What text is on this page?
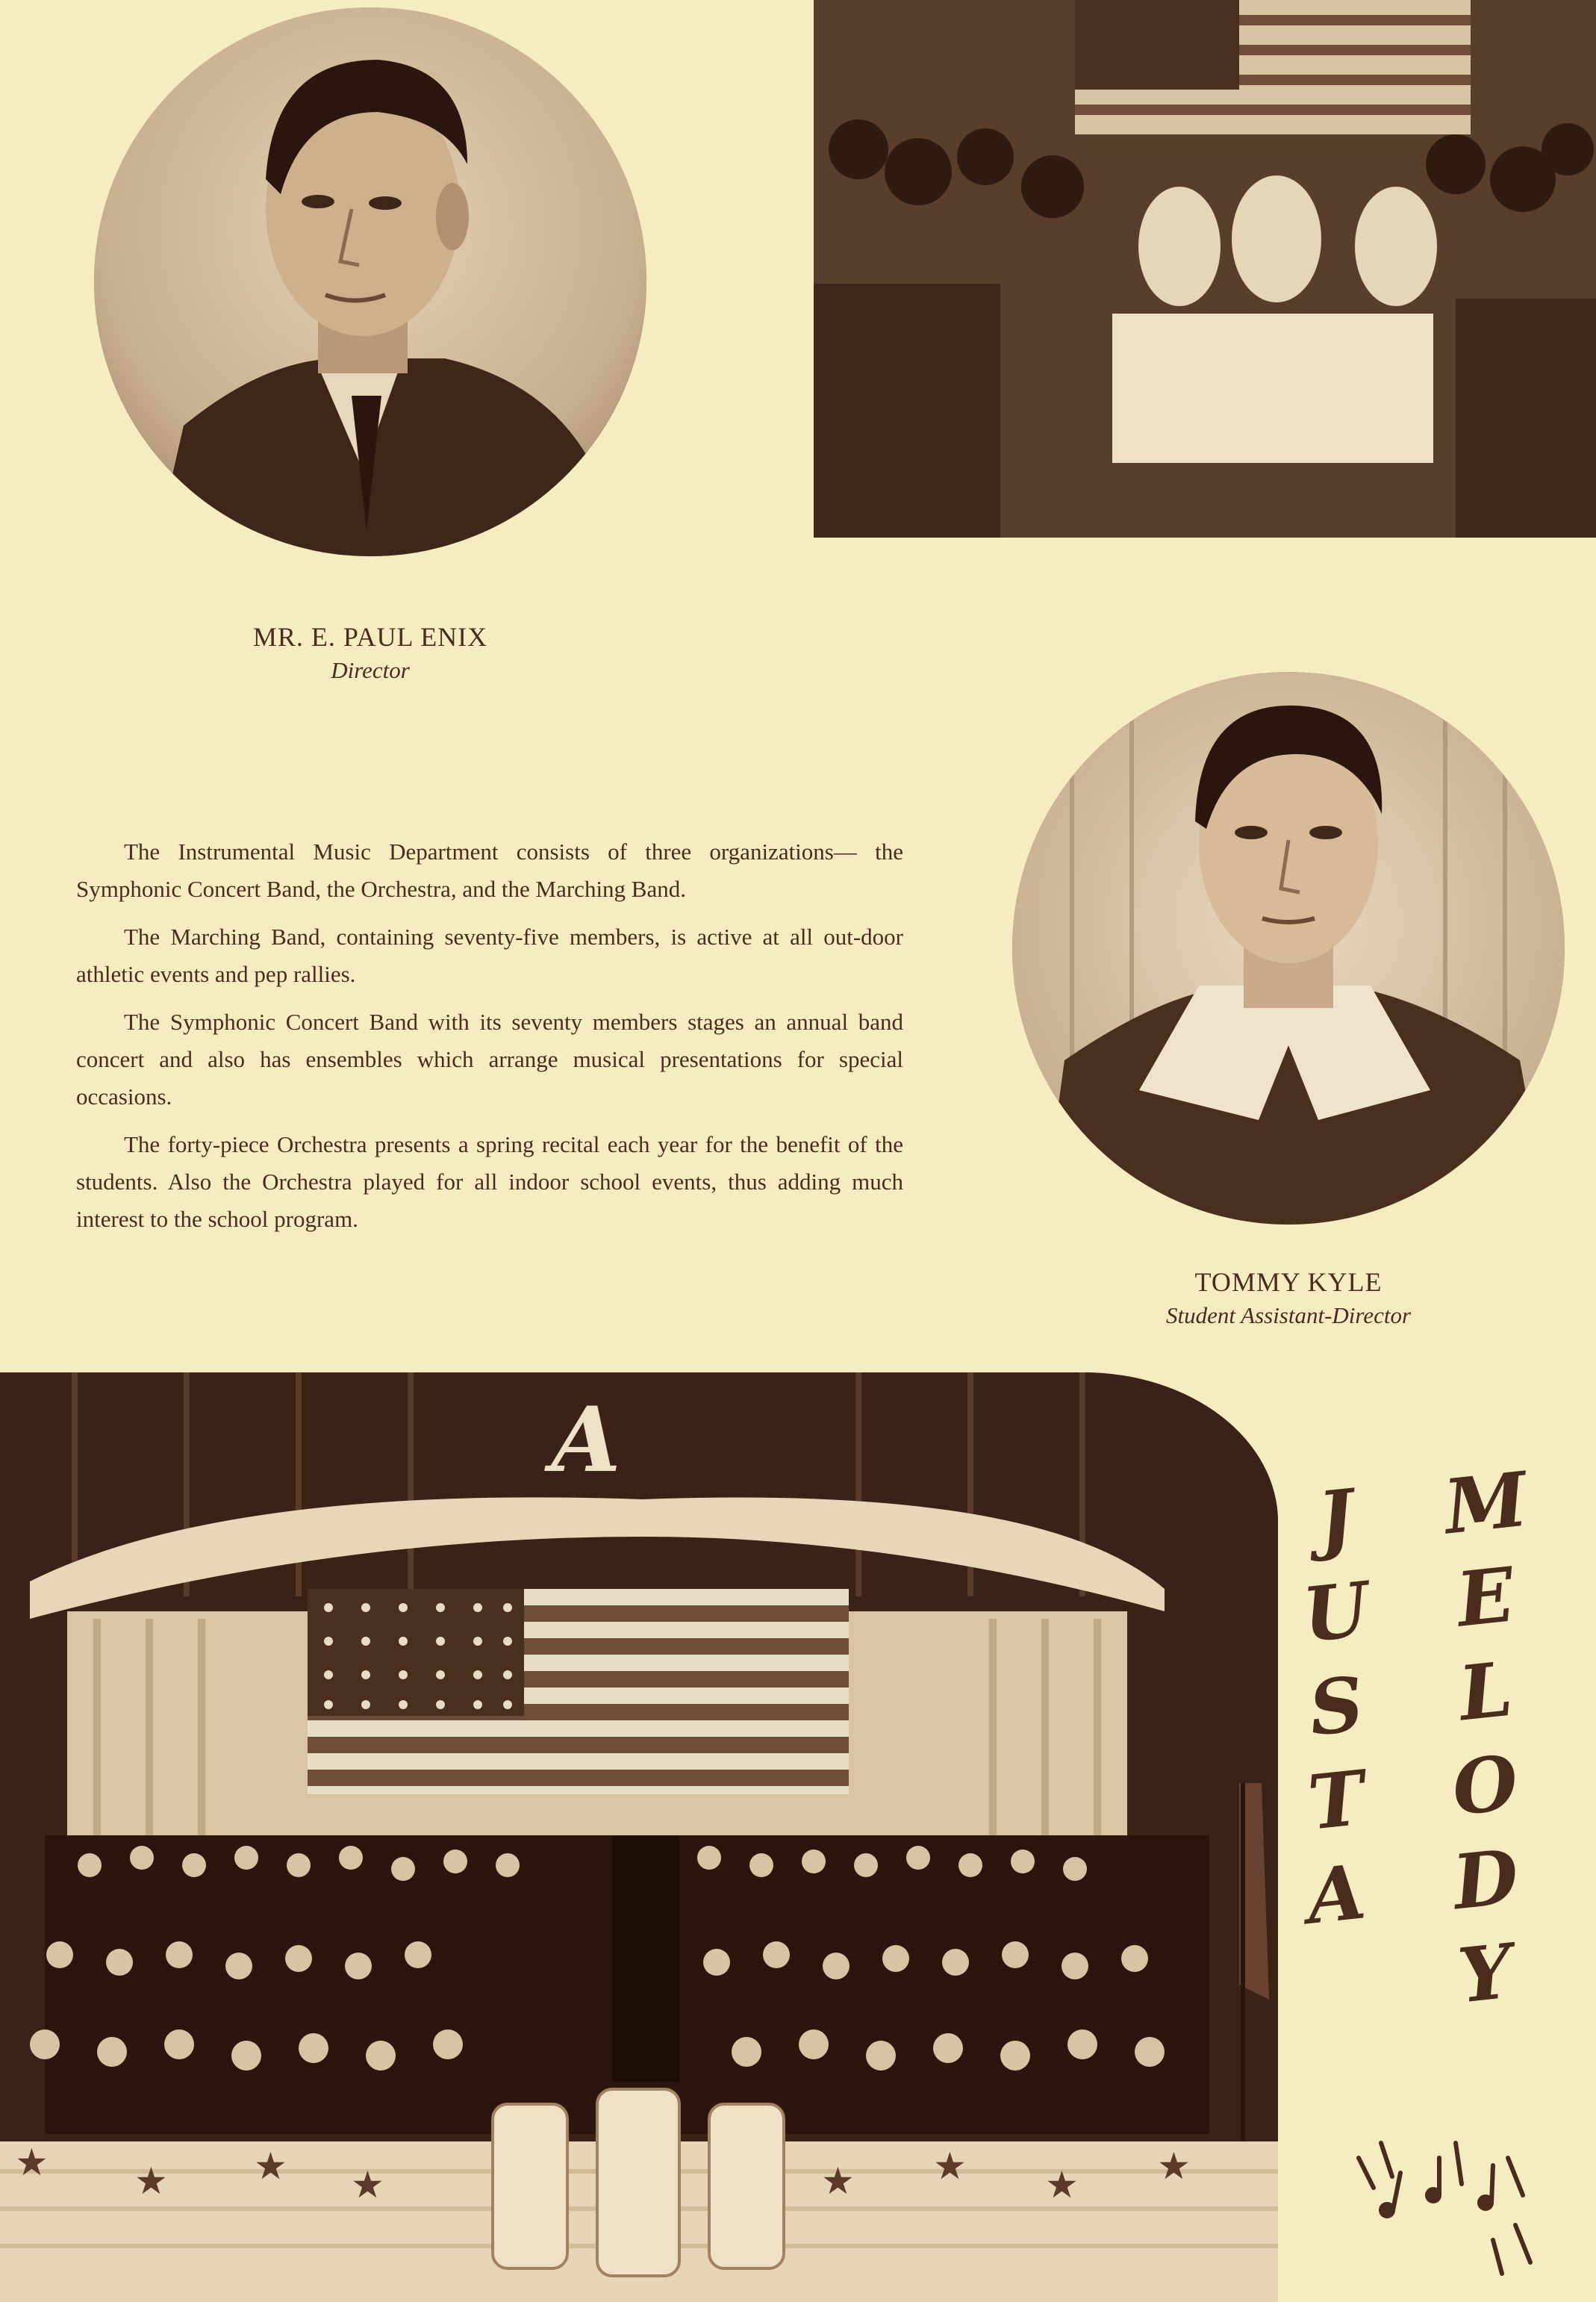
MR. E. PAUL ENIX
Director

The Instrumental Music Department consists of three organizations— the Symphonic Concert Band, the Orchestra, and the Marching Band.

The Marching Band, containing seventy-five members, is active at all out-door athletic events and pep rallies.

The Symphonic Concert Band with its seventy members stages an annual band concert and also has ensembles which arrange musical presentations for special occasions.

The forty-piece Orchestra presents a spring recital each year for the benefit of the students. Also the Orchestra played for all indoor school events, thus adding much interest to the school program.

TOMMY KYLE
Student Assistant-Director
★ ★ ★ ★	★ ★ ★ ★
A
J
U
S
T
A
M
E
L
O
D
Y
